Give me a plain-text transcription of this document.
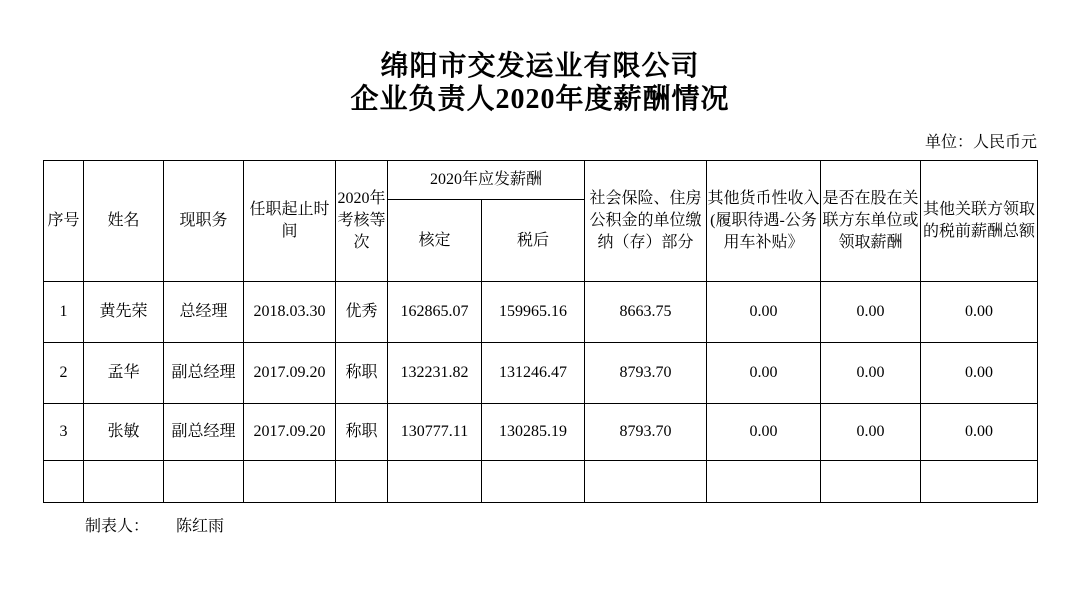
绵阳市交发运业有限公司
企业负责人2020年度薪酬情况
单位：人民币元
序号	姓名	现职务	任职起止时间	2020年考核等次	2020年应发薪酬		社会保险、住房公积金的单位缴纳（存）部分	其他货币性收入(履职待遇-公务用车补贴》	是否在股在关联方东单位或领取薪酬	其他关联方领取的税前薪酬总额
					核定	税后				
1	黄先荣	总经理	2018.03.30	优秀	162865.07	159965.16	8663.75	0.00	0.00	0.00
2	孟华	副总经理	2017.09.20	称职	132231.82	131246.47	8793.70	0.00	0.00	0.00
3	张敏	副总经理	2017.09.20	称职	130777.11	130285.19	8793.70	0.00	0.00	0.00

制表人： 陈红雨
